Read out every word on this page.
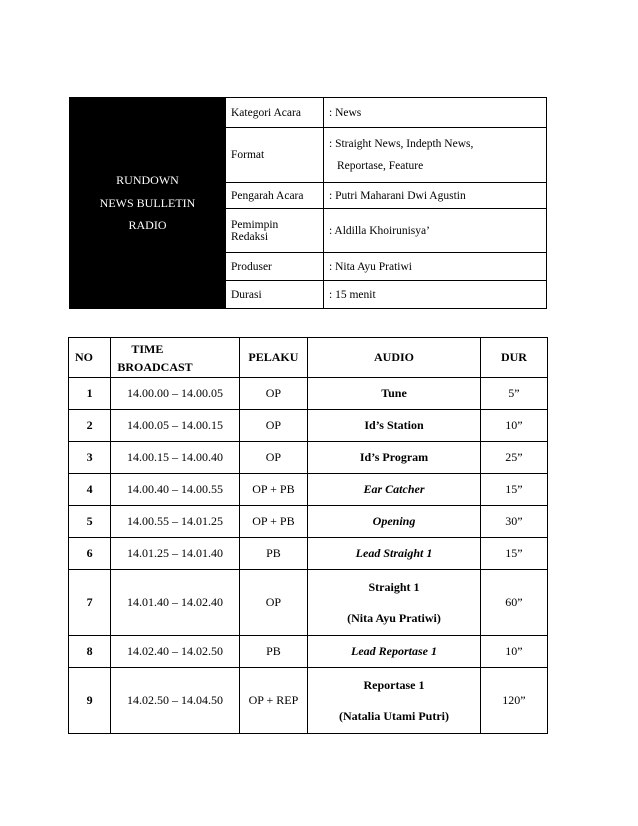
RUNDOWN
NEWS BULLETIN
RADIO	Kategori Acara	: News
	Format	: Straight News, Indepth News,
Reportase, Feature

	Pengarah Acara	: Putri Maharani Dwi Agustin

	Pemimpin
Redaksi	: Aldilla Khoirunisya’
	Produser	: Nita Ayu Pratiwi
	Durasi	: 15 menit
NO	TIME
BROADCAST	PELAKU	AUDIO	DUR
1	14.00.00 – 14.00.05	OP	Tune	5”
2	14.00.05 – 14.00.15	OP	Id’s Station	10”
3	14.00.15 – 14.00.40	OP	Id’s Program	25”
4	14.00.40 – 14.00.55	OP + PB	Ear Catcher	15”
5	14.00.55 – 14.01.25	OP + PB	Opening	30”
6	14.01.25 – 14.01.40	PB	Lead Straight 1	15”
7	14.01.40 – 14.02.40	OP	Straight 1
(Nita Ayu Pratiwi)	60”
8	14.02.40 – 14.02.50	PB	Lead Reportase 1	10”
9	14.02.50 – 14.04.50	OP + REP	Reportase 1
(Natalia Utami Putri)	120”
